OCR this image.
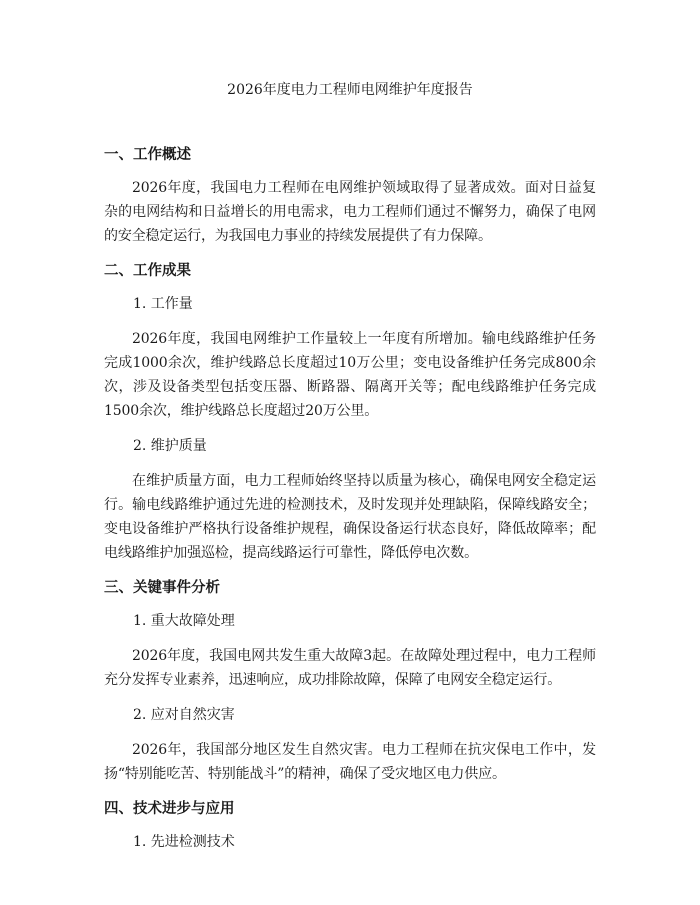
2026年度电力工程师电网维护年度报告
一、工作概述

2026年度，我国电力工程师在电网维护领域取得了显著成效。面对日益复杂的电网结构和日益增长的用电需求，电力工程师们通过不懈努力，确保了电网的安全稳定运行，为我国电力事业的持续发展提供了有力保障。

二、工作成果
1. 工作量

2026年度，我国电网维护工作量较上一年度有所增加。输电线路维护任务完成1000余次，维护线路总长度超过10万公里；变电设备维护任务完成800余次，涉及设备类型包括变压器、断路器、隔离开关等；配电线路维护任务完成1500余次，维护线路总长度超过20万公里。

2. 维护质量

在维护质量方面，电力工程师始终坚持以质量为核心，确保电网安全稳定运行。输电线路维护通过先进的检测技术，及时发现并处理缺陷，保障线路安全；变电设备维护严格执行设备维护规程，确保设备运行状态良好，降低故障率；配电线路维护加强巡检，提高线路运行可靠性，降低停电次数。

三、关键事件分析
1. 重大故障处理

2026年度，我国电网共发生重大故障3起。在故障处理过程中，电力工程师充分发挥专业素养，迅速响应，成功排除故障，保障了电网安全稳定运行。

2. 应对自然灾害

2026年，我国部分地区发生自然灾害。电力工程师在抗灾保电工作中，发扬“特别能吃苦、特别能战斗”的精神，确保了受灾地区电力供应。

四、技术进步与应用
1. 先进检测技术
